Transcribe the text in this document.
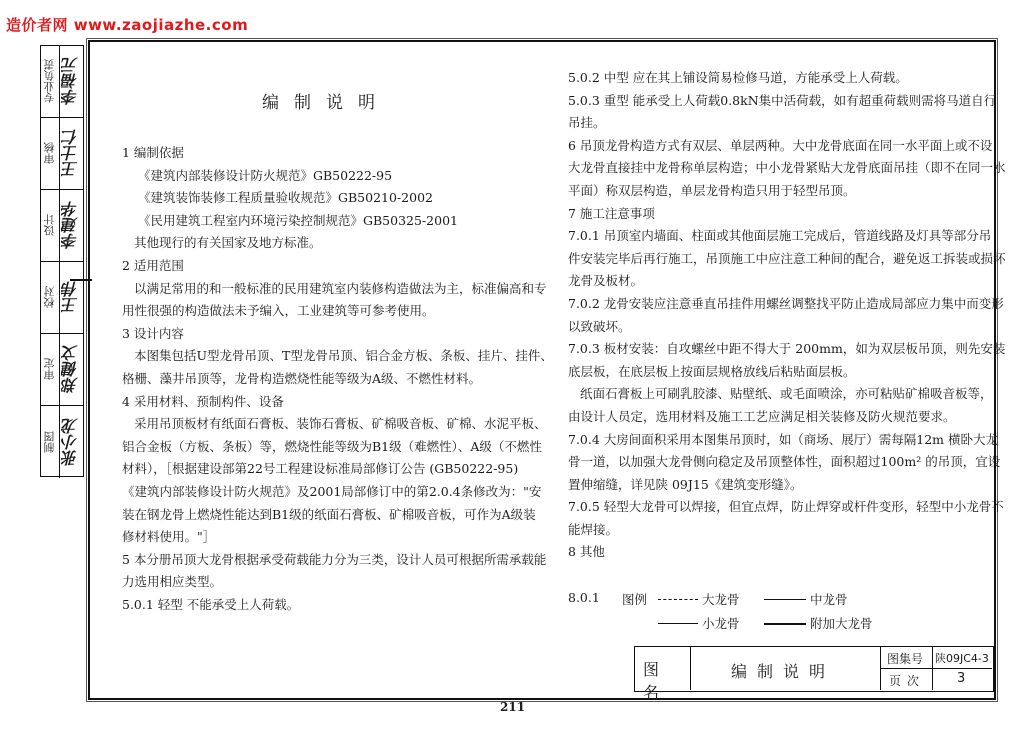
造价者网 www.zaojiazhe.com
专业负责 李福元
审核 王士仁
设计 李建华
校对 王伟
审定 郑健文
制图 张小龙
编制说明

1 编制依据

《建筑内部装修设计防火规范》GB50222-95

《建筑装饰装修工程质量验收规范》GB50210-2002

《民用建筑工程室内环境污染控制规范》GB50325-2001

其他现行的有关国家及地方标准。

2 适用范围

以满足常用的和一般标准的民用建筑室内装修构造做法为主，标准偏高和专

用性很强的构造做法未予编入，工业建筑等可参考使用。

3 设计内容

本图集包括U型龙骨吊顶、T型龙骨吊顶、铝合金方板、条板、挂片、挂件、

格栅、藻井吊顶等，龙骨构造燃烧性能等级为A级、不燃性材料。

4 采用材料、预制构件、设备

采用吊顶板材有纸面石膏板、装饰石膏板、矿棉吸音板、矿棉、水泥平板、

铝合金板（方板、条板）等，燃烧性能等级为B1级（难燃性）、A级（不燃性

材料），［根据建设部第22号工程建设标准局部修订公告 (GB50222-95)

《建筑内部装修设计防火规范》及2001局部修订中的第2.0.4条修改为："安

装在钢龙骨上燃烧性能达到B1级的纸面石膏板、矿棉吸音板，可作为A级装

修材料使用。"］

5 本分册吊顶大龙骨根据承受荷载能力分为三类，设计人员可根据所需承载能

力选用相应类型。

5.0.1 轻型 不能承受上人荷载。

5.0.2 中型 应在其上铺设简易检修马道，方能承受上人荷载。

5.0.3 重型 能承受上人荷载0.8kN集中活荷载，如有超重荷载则需将马道自行

吊挂。

6 吊顶龙骨构造方式有双层、单层两种。大中龙骨底面在同一水平面上或不设

大龙骨直接挂中龙骨称单层构造；中小龙骨紧贴大龙骨底面吊挂（即不在同一水

平面）称双层构造，单层龙骨构造只用于轻型吊顶。

7 施工注意事项

7.0.1 吊顶室内墙面、柱面或其他面层施工完成后，管道线路及灯具等部分吊

件安装完毕后再行施工，吊顶施工中应注意工种间的配合，避免返工拆装或损坏

龙骨及板材。

7.0.2 龙骨安装应注意垂直吊挂件用螺丝调整找平防止造成局部应力集中而变形

以致破坏。

7.0.3 板材安装：自攻螺丝中距不得大于 200mm，如为双层板吊顶，则先安装

底层板，在底层板上按面层规格放线后粘贴面层板。

纸面石膏板上可刷乳胶漆、贴壁纸、或毛面喷涂，亦可粘贴矿棉吸音板等，

由设计人员定，选用材料及施工工艺应满足相关装修及防火规范要求。

7.0.4 大房间面积采用本图集吊顶时，如（商场、展厅）需每隔12m 横卧大龙

骨一道，以加强大龙骨侧向稳定及吊顶整体性，面积超过100m² 的吊顶，宜设

置伸缩缝，详见陕 09J15《建筑变形缝》。

7.0.5 轻型大龙骨可以焊接，但宜点焊，防止焊穿或杆件变形，轻型中小龙骨不

能焊接。

8 其他

8.0.1 图例	大龙骨	中龙骨
小龙骨	附加大龙骨
图名
编制说明
图集号 陕09JC4-3
页次 3
211
